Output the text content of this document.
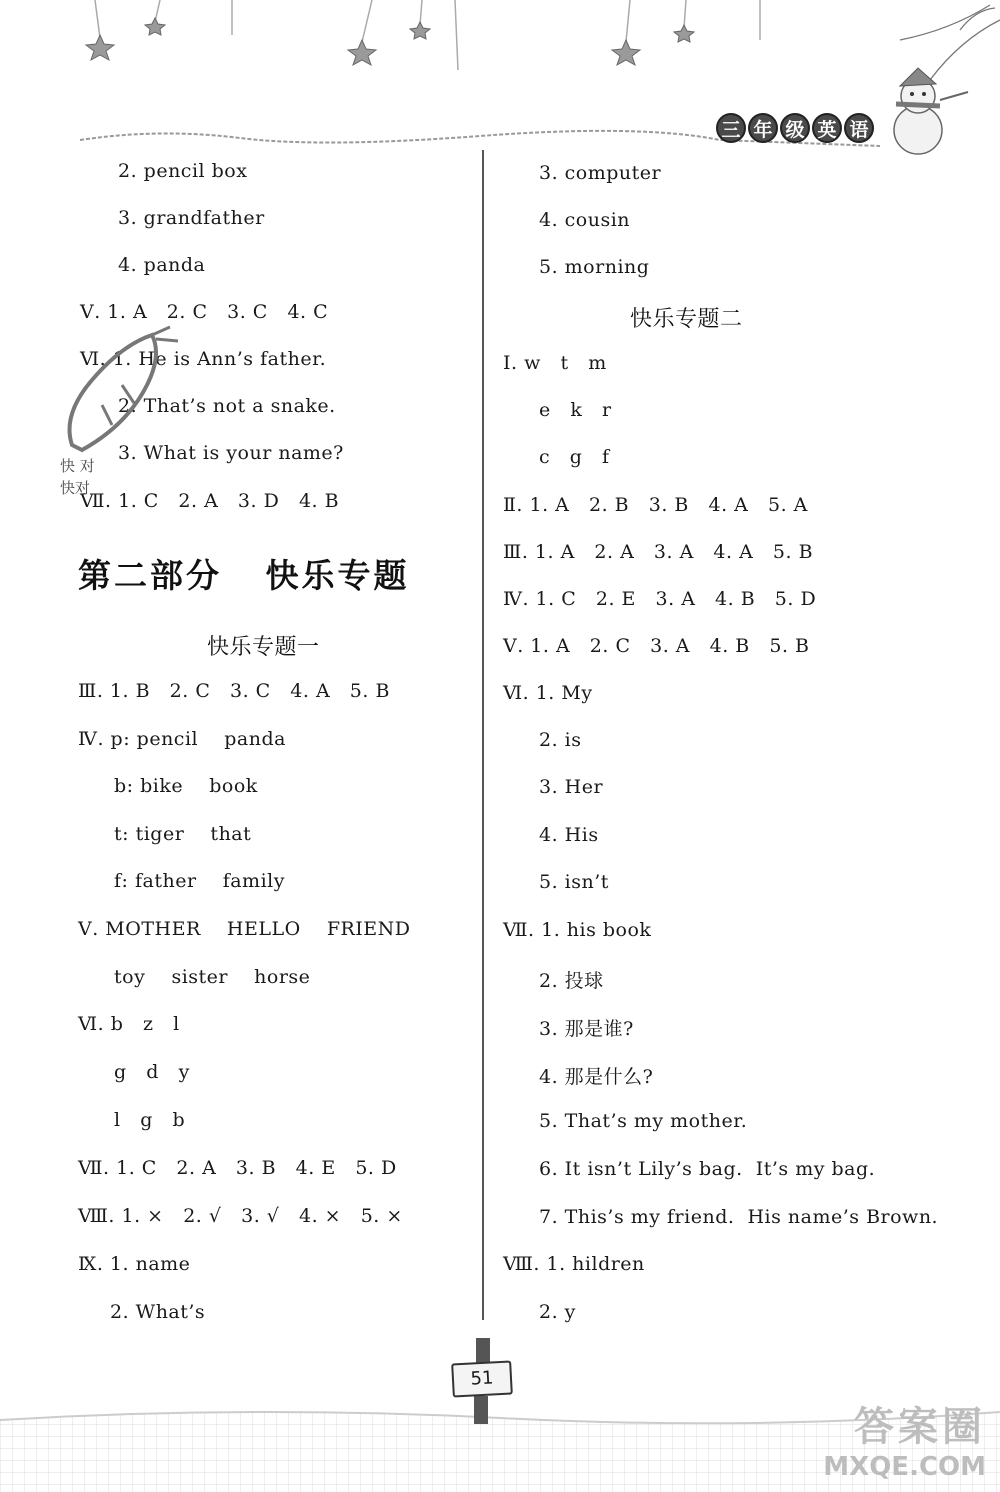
三 年 级 英 语
2. pencil box
3. grandfather
4. panda
Ⅴ. 1. A   2. C   3. C   4. C
Ⅵ. 1. He is Ann’s father.
2. That’s not a snake.
3. What is your name?
Ⅶ. 1. C   2. A   3. D   4. B
快乐专题一
Ⅲ. 1. B   2. C   3. C   4. A   5. B
Ⅳ. p: pencil    panda
b: bike    book
t: tiger    that
f: father    family
Ⅴ. MOTHER    HELLO    FRIEND
toy    sister    horse
Ⅵ. b   z   l
g   d   y
l   g   b
Ⅶ. 1. C   2. A   3. B   4. E   5. D
Ⅷ. 1. ×   2. √   3. √   4. ×   5. ×
Ⅸ. 1. name
2. What’s
第二部分   快乐专题
快 对
快对
3. computer
4. cousin
5. morning
快乐专题二
Ⅰ. w   t   m
e   k   r
c   g   f
Ⅱ. 1. A   2. B   3. B   4. A   5. A
Ⅲ. 1. A   2. A   3. A   4. A   5. B
Ⅳ. 1. C   2. E   3. A   4. B   5. D
Ⅴ. 1. A   2. C   3. A   4. B   5. B
Ⅵ. 1. My
2. is
3. Her
4. His
5. isn’t
Ⅶ. 1. his book
2. 投球
3. 那是谁?
4. 那是什么?
5. That’s my mother.
6. It isn’t Lily’s bag.  It’s my bag.
7. This’s my friend.  His name’s Brown.
Ⅷ. 1. hildren
2. y
51
答案圈
MXQE.COM
